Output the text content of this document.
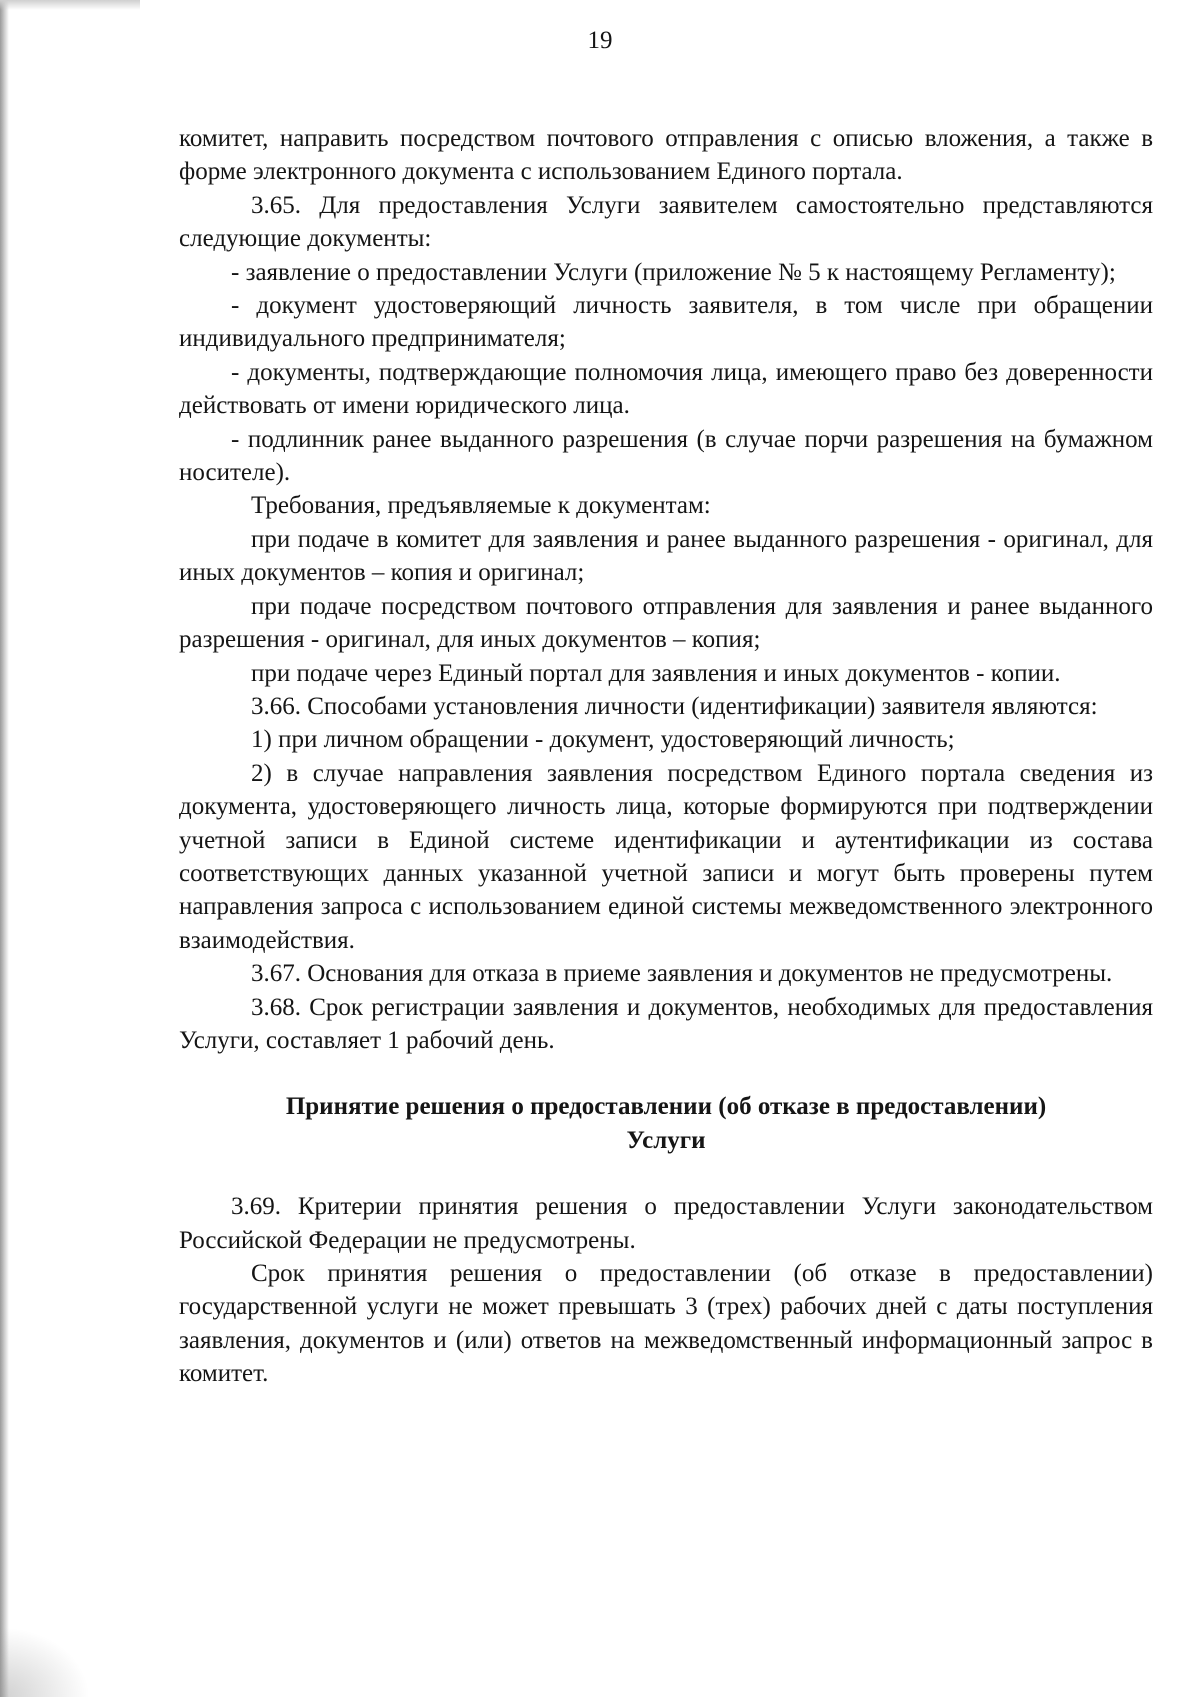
19

комитет, направить посредством почтового отправления с описью вложения, а также в форме электронного документа с использованием Единого портала.

3.65. Для предоставления Услуги заявителем самостоятельно представляются следующие документы:

- заявление о предоставлении Услуги (приложение № 5 к настоящему Регламенту);

- документ удостоверяющий личность заявителя, в том числе при обращении индивидуального предпринимателя;

- документы, подтверждающие полномочия лица, имеющего право без доверенности действовать от имени юридического лица.

- подлинник ранее выданного разрешения (в случае порчи разрешения на бумажном носителе).

Требования, предъявляемые к документам:

при подаче в комитет для заявления и ранее выданного разрешения - оригинал, для иных документов – копия и оригинал;

при подаче посредством почтового отправления для заявления и ранее выданного разрешения - оригинал, для иных документов – копия;

при подаче через Единый портал для заявления и иных документов - копии.

3.66. Способами установления личности (идентификации) заявителя являются:

1) при личном обращении - документ, удостоверяющий личность;

2) в случае направления заявления посредством Единого портала сведения из документа, удостоверяющего личность лица, которые формируются при подтверждении учетной записи в Единой системе идентификации и аутентификации из состава соответствующих данных указанной учетной записи и могут быть проверены путем направления запроса с использованием единой системы межведомственного электронного взаимодействия.

3.67. Основания для отказа в приеме заявления и документов не предусмотрены.

3.68. Срок регистрации заявления и документов, необходимых для предоставления Услуги, составляет 1 рабочий день.

Принятие решения о предоставлении (об отказе в предоставлении)
Услуги

3.69. Критерии принятия решения о предоставлении Услуги законодательством Российской Федерации не предусмотрены.

Срок принятия решения о предоставлении (об отказе в предоставлении) государственной услуги не может превышать 3 (трех) рабочих дней с даты поступления заявления, документов и (или) ответов на межведомственный информационный запрос в комитет.
